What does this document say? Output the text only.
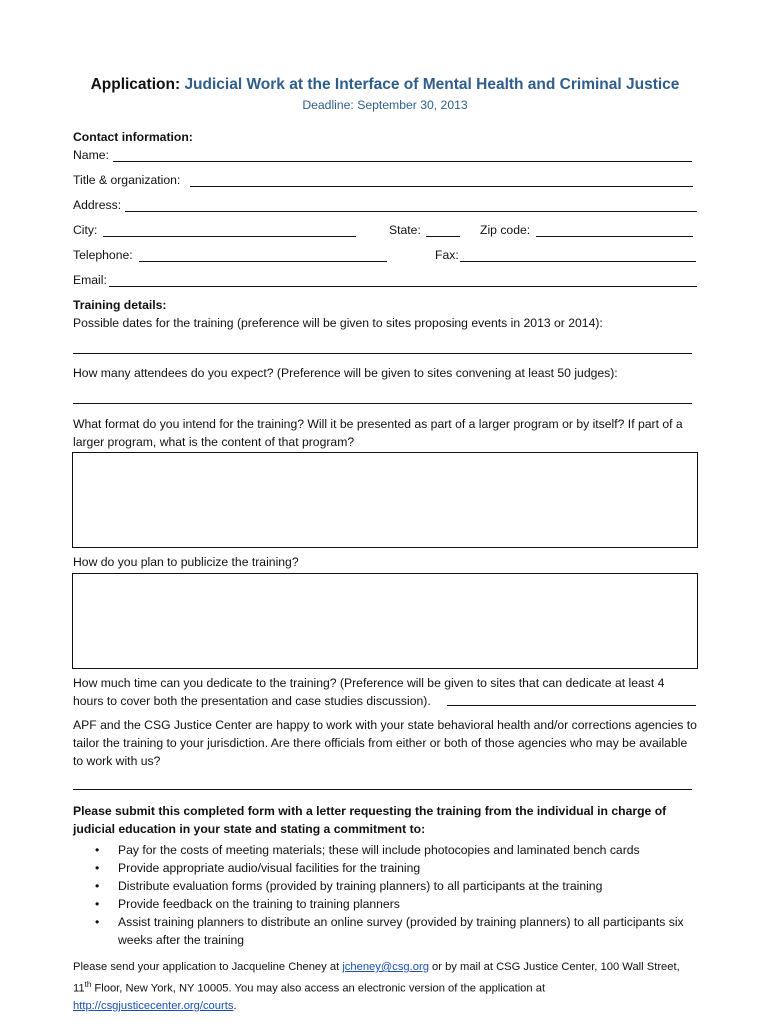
Application: Judicial Work at the Interface of Mental Health and Criminal Justice
Deadline: September 30, 2013
Contact information:
Name:
Title & organization:
Address:
City:	State:	Zip code:
Telephone:	Fax:
Email:
Training details:
Possible dates for the training (preference will be given to sites proposing events in 2013 or 2014):
How many attendees do you expect? (Preference will be given to sites convening at least 50 judges):
What format do you intend for the training? Will it be presented as part of a larger program or by itself? If part of a larger program, what is the content of that program?
How do you plan to publicize the training?
How much time can you dedicate to the training? (Preference will be given to sites that can dedicate at least 4 hours to cover both the presentation and case studies discussion).
APF and the CSG Justice Center are happy to work with your state behavioral health and/or corrections agencies to tailor the training to your jurisdiction. Are there officials from either or both of those agencies who may be available to work with us?
Please submit this completed form with a letter requesting the training from the individual in charge of judicial education in your state and stating a commitment to:
• Pay for the costs of meeting materials; these will include photocopies and laminated bench cards
• Provide appropriate audio/visual facilities for the training
• Distribute evaluation forms (provided by training planners) to all participants at the training
• Provide feedback on the training to training planners
• Assist training planners to distribute an online survey (provided by training planners) to all participants six weeks after the training
Please send your application to Jacqueline Cheney at jcheney@csg.org or by mail at CSG Justice Center, 100 Wall Street, 11th Floor, New York, NY 10005. You may also access an electronic version of the application at http://csgjusticecenter.org/courts.
